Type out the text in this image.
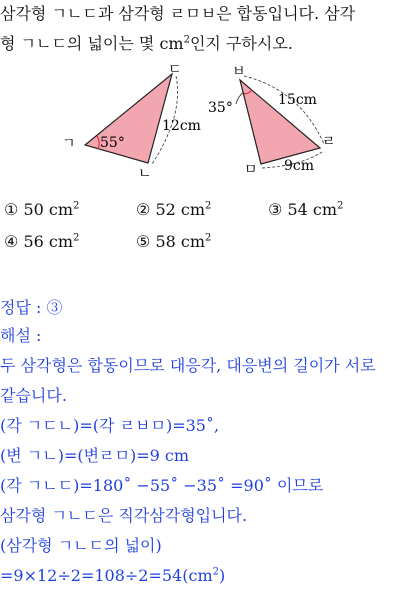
삼각형 ㄱㄴㄷ과 삼각형 ㄹㅁㅂ은 합동입니다. 삼각
형 ㄱㄴㄷ의 넓이는 몇 $cm^2$인지 구하시오.
ㄱ
ㄷ
ㄴ
55°
12cm
ㅂ
ㄹ
ㅁ
35°	15cm
9cm
① 50 $cm^2$	② 52 $cm^2$	③ 54 $cm^2$
④ 56 $cm^2$	⑤ 58 $cm^2$
정답 : ③
해설 :
두 삼각형은 합동이므로 대응각, 대응변의 길이가 서로
같습니다.
(각 ㄱㄷㄴ)=(각 ㄹㅂㅁ)=35˚,
(변 ㄱㄴ)=(변ㄹㅁ)=9 cm
(각 ㄱㄴㄷ)=180˚ −55˚ −35˚ =90˚ 이므로
삼각형 ㄱㄴㄷ은 직각삼각형입니다.
(삼각형 ㄱㄴㄷ의 넓이)
$=9\times 12\div 2=108\div 2=54(cm^2)$
